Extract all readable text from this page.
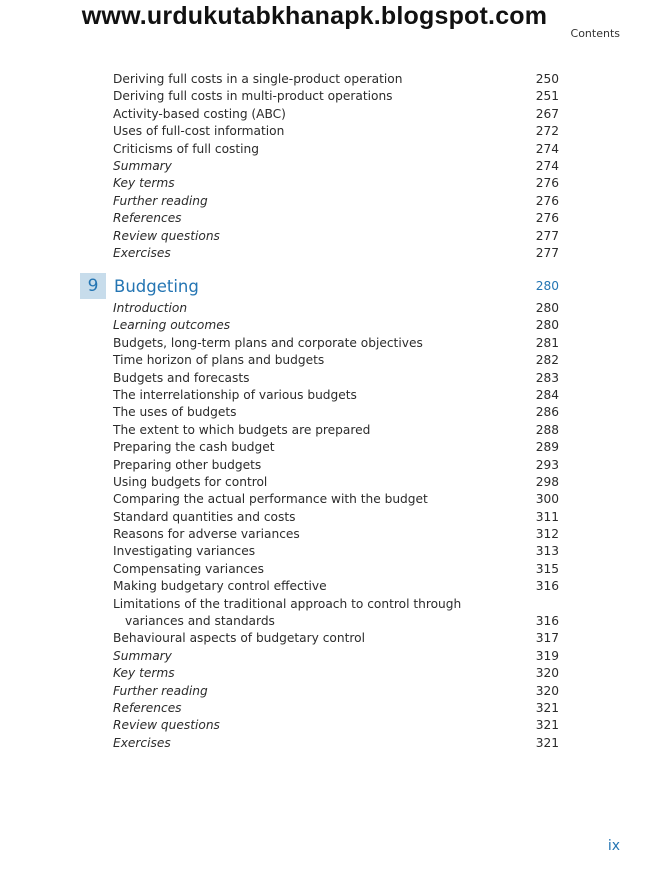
www.urdukutabkhanapk.blogspot.com
Contents
Deriving full costs in a single-product operation	250
Deriving full costs in multi-product operations	251
Activity-based costing (ABC)	267
Uses of full-cost information	272
Criticisms of full costing	274
Summary	274
Key terms	276
Further reading	276
References	276
Review questions	277
Exercises	277
9 Budgeting	280
Introduction	280
Learning outcomes	280
Budgets, long-term plans and corporate objectives	281
Time horizon of plans and budgets	282
Budgets and forecasts	283
The interrelationship of various budgets	284
The uses of budgets	286
The extent to which budgets are prepared	288
Preparing the cash budget	289
Preparing other budgets	293
Using budgets for control	298
Comparing the actual performance with the budget	300
Standard quantities and costs	311
Reasons for adverse variances	312
Investigating variances	313
Compensating variances	315
Making budgetary control effective	316
Limitations of the traditional approach to control through
variances and standards	316
Behavioural aspects of budgetary control	317
Summary	319
Key terms	320
Further reading	320
References	321
Review questions	321
Exercises	321
ix
